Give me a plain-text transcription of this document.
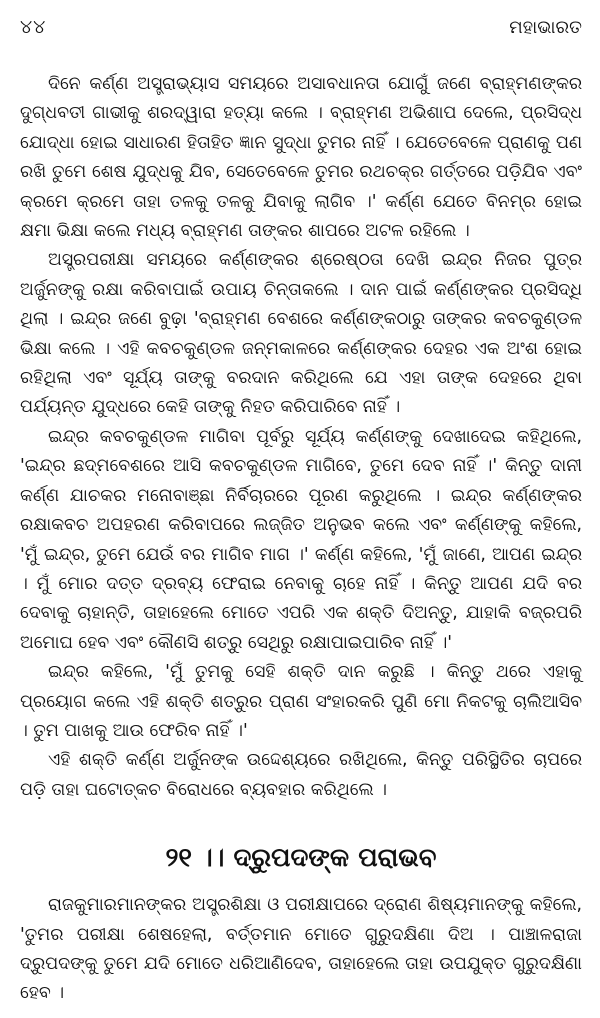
୪୪	ମହାଭାରତ

ଦିନେ କର୍ଣ୍ଣ ଅସ୍ତ୍ରାଭ୍ୟାସ ସମୟରେ ଅସାବଧାନତା ଯୋଗୁଁ ଜଣେ ବ୍ରାହ୍ମଣଙ୍କର ଦୁଗ୍ଧବତୀ ଗାଭୀକୁ ଶରଦ୍ୱାରା ହତ୍ୟା କଲେ । ବ୍ରାହ୍ମଣ ଅଭିଶାପ ଦେଲେ, ପ୍ରସିଦ୍ଧ ଯୋଦ୍ଧା ହୋଇ ସାଧାରଣ ହିତାହିତ ଜ୍ଞାନ ସୁଦ୍ଧା ତୁମର ନାହିଁ । ଯେତେବେଳେ ପ୍ରାଣକୁ ପଣ ରଖି ତୁମେ ଶେଷ ଯୁଦ୍ଧକୁ ଯିବ, ସେତେବେଳେ ତୁମର ରଥଚକ୍ର ଗର୍ତ୍ତରେ ପଡ଼ିଯିବ ଏବଂ କ୍ରମେ କ୍ରମେ ତାହା ତଳକୁ ତଳକୁ ଯିବାକୁ ଲାଗିବ ।' କର୍ଣ୍ଣ ଯେତେ ବିନମ୍ର ହୋଇ କ୍ଷମା ଭିକ୍ଷା କଲେ ମଧ୍ୟ ବ୍ରାହ୍ମଣ ତାଙ୍କର ଶାପରେ ଅଟଳ ରହିଲେ ।

ଅସ୍ତ୍ରପରୀକ୍ଷା ସମୟରେ କର୍ଣ୍ଣଙ୍କର ଶ୍ରେଷ୍ଠତା ଦେଖି ଇନ୍ଦ୍ର ନିଜର ପୁତ୍ର ଅର୍ଜୁନଙ୍କୁ ରକ୍ଷା କରିବାପାଇଁ ଉପାୟ ଚିନ୍ତାକଲେ । ଦାନ ପାଇଁ କର୍ଣ୍ଣଙ୍କର ପ୍ରସିଦ୍ଧି ଥିଲା । ଇନ୍ଦ୍ର ଜଣେ ବୁଢ଼ା 'ବ୍ରାହ୍ମଣ ବେଶରେ କର୍ଣ୍ଣଙ୍କଠାରୁ ତାଙ୍କର କବଚକୁଣ୍ଡଳ ଭିକ୍ଷା କଲେ । ଏହି କବଚକୁଣ୍ଡଳ ଜନ୍ମକାଳରେ କର୍ଣ୍ଣଙ୍କର ଦେହର ଏକ ଅଂଶ ହୋଇ ରହିଥିଲା ଏବଂ ସୂର୍ଯ୍ୟ ତାଙ୍କୁ ବରଦାନ କରିଥିଲେ ଯେ ଏହା ତାଙ୍କ ଦେହରେ ଥିବା ପର୍ଯ୍ୟନ୍ତ ଯୁଦ୍ଧରେ କେହି ତାଙ୍କୁ ନିହତ କରିପାରିବେ ନାହିଁ ।

ଇନ୍ଦ୍ର କବଚକୁଣ୍ଡଳ ମାଗିବା ପୂର୍ବରୁ ସୂର୍ଯ୍ୟ କର୍ଣ୍ଣଙ୍କୁ ଦେଖାଦେଇ କହିଥିଲେ, 'ଇନ୍ଦ୍ର ଛଦ୍ମବେଶରେ ଆସି କବଚକୁଣ୍ଡଳ ମାଗିବେ, ତୁମେ ଦେବ ନାହିଁ ।' କିନ୍ତୁ ଦାନୀ କର୍ଣ୍ଣ ଯାଚକର ମନୋବାଞ୍ଛା ନିର୍ବିଚାରରେ ପୂରଣ କରୁଥିଲେ । ଇନ୍ଦ୍ର କର୍ଣ୍ଣଙ୍କର ରକ୍ଷାକବଚ ଅପହରଣ କରିବାପରେ ଲଜ୍ଜିତ ଅନୁଭବ କଲେ ଏବଂ କର୍ଣ୍ଣଙ୍କୁ କହିଲେ, 'ମୁଁ ଇନ୍ଦ୍ର, ତୁମେ ଯେଉଁ ବର ମାଗିବ ମାଗ ।' କର୍ଣ୍ଣ କହିଲେ, 'ମୁଁ ଜାଣେ, ଆପଣ ଇନ୍ଦ୍ର । ମୁଁ ମୋର ଦତ୍ତ ଦ୍ରବ୍ୟ ଫେରାଇ ନେବାକୁ ଚାହେ ନାହିଁ । କିନ୍ତୁ ଆପଣ ଯଦି ବର ଦେବାକୁ ଚାହାନ୍ତି, ତାହାହେଲେ ମୋତେ ଏପରି ଏକ ଶକ୍ତି ଦିଅନ୍ତୁ, ଯାହାକି ବଜ୍ରପରି ଅମୋଘ ହେବ ଏବଂ କୌଣସି ଶତ୍ରୁ ସେଥିରୁ ରକ୍ଷାପାଇପାରିବ ନାହିଁ ।'

ଇନ୍ଦ୍ର କହିଲେ, 'ମୁଁ ତୁମକୁ ସେହି ଶକ୍ତି ଦାନ କରୁଛି । କିନ୍ତୁ ଥରେ ଏହାକୁ ପ୍ରୟୋଗ କଲେ ଏହି ଶକ୍ତି ଶତ୍ରୁର ପ୍ରାଣ ସଂହାରକରି ପୁଣି ମୋ ନିକଟକୁ ଚାଲିଆସିବ । ତୁମ ପାଖକୁ ଆଉ ଫେରିବ ନାହିଁ ।'

ଏହି ଶକ୍ତି କର୍ଣ୍ଣ ଅର୍ଜୁନଙ୍କ ଉଦ୍ଦେଶ୍ୟରେ ରଖିଥିଲେ, କିନ୍ତୁ ପରିସ୍ଥିତିର ଚାପରେ ପଡ଼ି ତାହା ଘଟୋତ୍କଚ ବିରୋଧରେ ବ୍ୟବହାର କରିଥିଲେ ।

୨୧ ।। ଦ୍ରୁପଦଙ୍କ ପରାଭବ

ରାଜକୁମାରମାନଙ୍କର ଅସ୍ତ୍ରଶିକ୍ଷା ଓ ପରୀକ୍ଷାପରେ ଦ୍ରୋଣ ଶିଷ୍ୟମାନଙ୍କୁ କହିଲେ, 'ତୁମର ପରୀକ୍ଷା ଶେଷହେଲା, ବର୍ତ୍ତମାନ ମୋତେ ଗୁରୁଦକ୍ଷିଣା ଦିଅ । ପାଞ୍ଚାଳରାଜା ଦ୍ରୁପଦଙ୍କୁ ତୁମେ ଯଦି ମୋତେ ଧରିଆଣିଦେବ, ତାହାହେଲେ ତାହା ଉପଯୁକ୍ତ ଗୁରୁଦକ୍ଷିଣା ହେବ ।
